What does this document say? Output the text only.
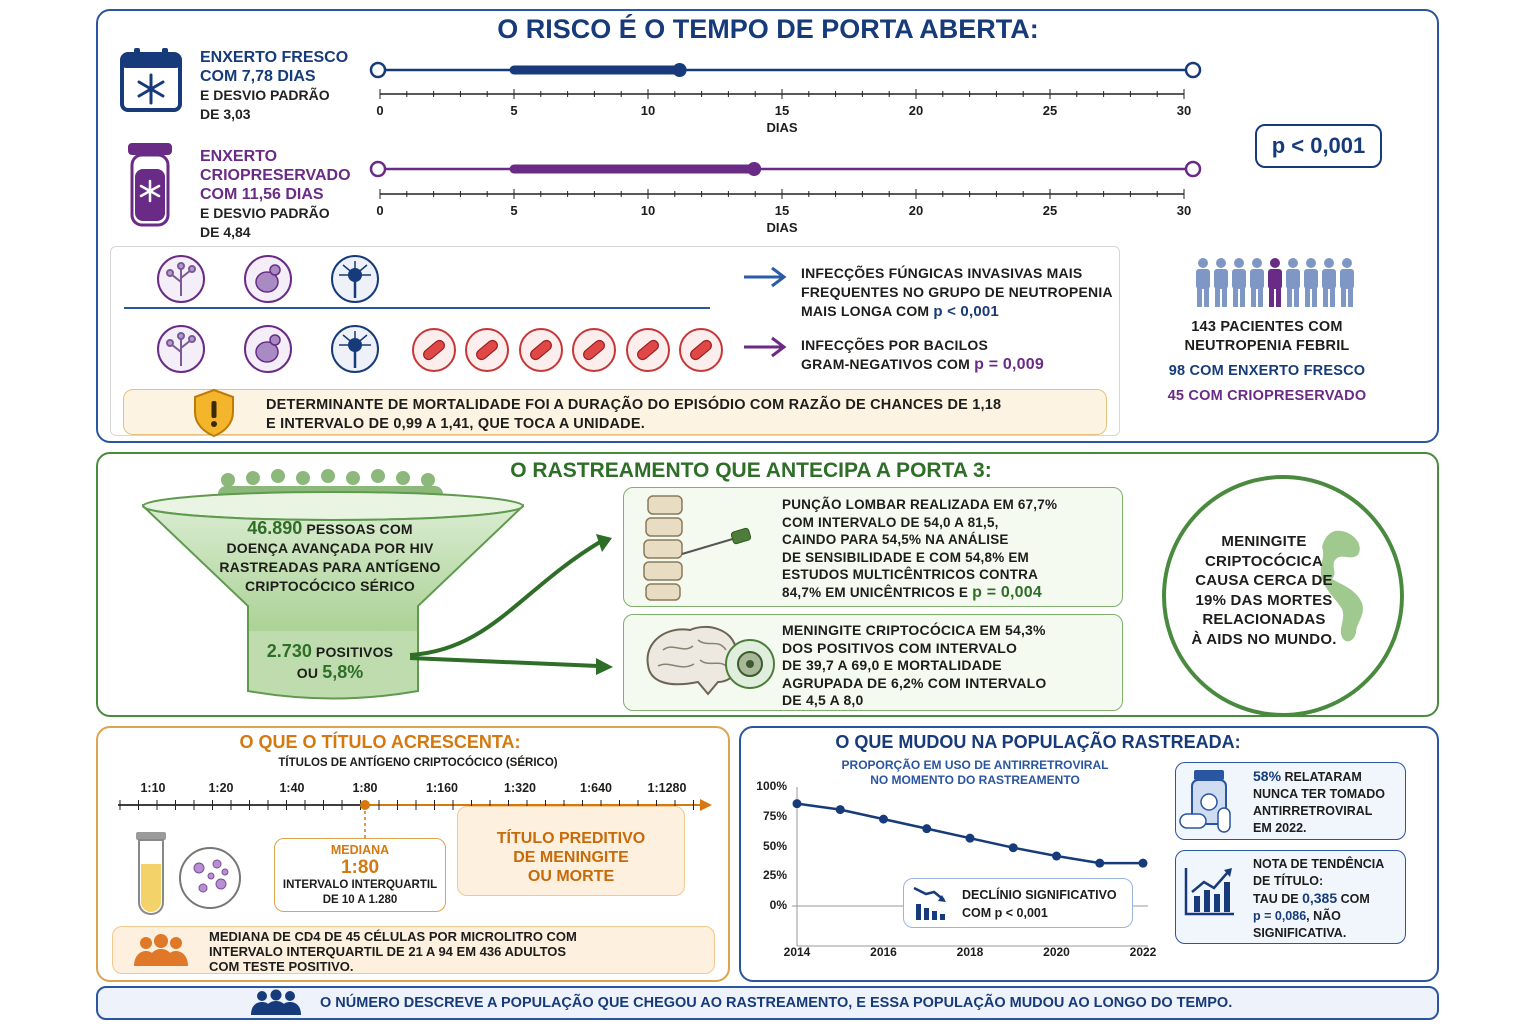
O RISCO É O TEMPO DE PORTA ABERTA:
ENXERTO FRESCO
COM 7,78 DIAS
E DESVIO PADRÃO
DE 3,03
ENXERTO
CRIOPRESERVADO
COM 11,56 DIAS
E DESVIO PADRÃO
DE 4,84
0	5	10	15	20	25	30
DIAS
0	5	10	15	20	25	30
DIAS
p < 0,001
INFECÇÕES FÚNGICAS INVASIVAS MAIS
FREQUENTES NO GRUPO DE NEUTROPENIA
MAIS LONGA COM p < 0,001
INFECÇÕES POR BACILOS
GRAM-NEGATIVOS COM p = 0,009
DETERMINANTE DE MORTALIDADE FOI A DURAÇÃO DO EPISÓDIO COM RAZÃO DE CHANCES DE 1,18
E INTERVALO DE 0,99 A 1,41, QUE TOCA A UNIDADE.
143 PACIENTES COM
NEUTROPENIA FEBRIL
98 COM ENXERTO FRESCO
45 COM CRIOPRESERVADO
O RASTREAMENTO QUE ANTECIPA A PORTA 3:
46.890 PESSOAS COM
DOENÇA AVANÇADA POR HIV
RASTREADAS PARA ANTÍGENO
CRIPTOCÓCICO SÉRICO
2.730 POSITIVOS
OU 5,8%
PUNÇÃO LOMBAR REALIZADA EM 67,7%
COM INTERVALO DE 54,0 A 81,5,
CAINDO PARA 54,5% NA ANÁLISE
DE SENSIBILIDADE E COM 54,8% EM
ESTUDOS MULTICÊNTRICOS CONTRA
84,7% EM UNICÊNTRICOS E p = 0,004
MENINGITE CRIPTOCÓCICA EM 54,3%
DOS POSITIVOS COM INTERVALO
DE 39,7 A 69,0 E MORTALIDADE
AGRUPADA DE 6,2% COM INTERVALO
DE 4,5 A 8,0
MENINGITE
CRIPTOCÓCICA
CAUSA CERCA DE
19% DAS MORTES
RELACIONADAS
À AIDS NO MUNDO.
O QUE O TÍTULO ACRESCENTA:
TÍTULOS DE ANTÍGENO CRIPTOCÓCICO (SÉRICO)
1:10	1:20	1:40	1:80	1:160	1:320	1:640	1:1280
TÍTULO PREDITIVO
DE MENINGITE
OU MORTE
MEDIANA
1:80
INTERVALO INTERQUARTIL
DE 10 A 1.280
MEDIANA DE CD4 DE 45 CÉLULAS POR MICROLITRO COM
INTERVALO INTERQUARTIL DE 21 A 94 EM 436 ADULTOS
COM TESTE POSITIVO.
O QUE MUDOU NA POPULAÇÃO RASTREADA:
PROPORÇÃO EM USO DE ANTIRRETROVIRAL
NO MOMENTO DO RASTREAMENTO
100%
75%
50%
25%
0%
2014	2016	2018	2020	2022
DECLÍNIO SIGNIFICATIVO
COM p < 0,001
58% RELATARAM
NUNCA TER TOMADO
ANTIRRETROVIRAL
EM 2022.
NOTA DE TENDÊNCIA
DE TÍTULO:
TAU DE 0,385 COM
p = 0,086, NÃO
SIGNIFICATIVA.
O NÚMERO DESCREVE A POPULAÇÃO QUE CHEGOU AO RASTREAMENTO, E ESSA POPULAÇÃO MUDOU AO LONGO DO TEMPO.
